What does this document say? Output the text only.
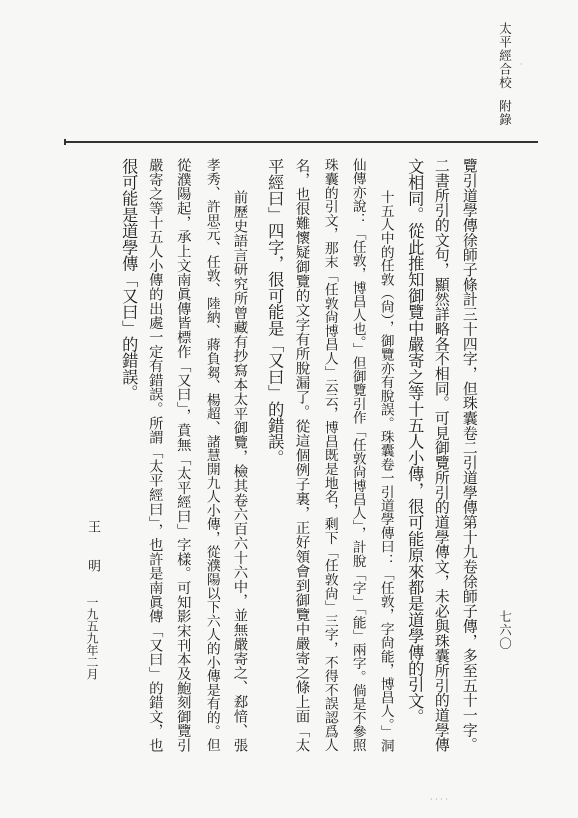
太平經合校附錄
·
七六〇
覽引道學傳徐師子條計三十四字，但珠囊卷二引道學傳第十九卷徐師子傳，多至五十一字。
二書所引的文句，顯然詳略各不相同。可見御覽所引的道學傳文，未必與珠囊所引的道學傳
文相同。從此推知御覽中嚴寄之等十五人小傳，很可能原來都是道學傳的引文。
十五人中的任敦（尙），御覽亦有脫誤。珠囊卷一引道學傳曰：「任敦，字尙能，博昌人。」洞
仙傳亦說：「任敦，博昌人也。」但御覽引作「任敦尙博昌人」，計脫「字」「能」兩字。倘是不參照
珠囊的引文，那末「任敦尙博昌人」云云，博昌既是地名，剩下「任敦尙」三字，不得不誤認爲人
名，也很難懷疑御覽的文字有所脫漏了。從這個例子裏，正好領會到御覽中嚴寄之條上面「太
平經曰」四字，很可能是「又曰」的錯誤。
前歷史語言研究所曾藏有抄寫本太平御覽，檢其卷六百六十六中，並無嚴寄之、郄愔、張
孝秀、許思元、任敦、陸納、蔣負芻、楊超、諸慧開九人小傳，從濮陽以下六人的小傳是有的。但
從濮陽起，承上文南眞傳皆標作「又曰」，賁無「太平經曰」字樣。可知影宋刊本及鮑刻御覽引
嚴寄之等十五人小傳的出處一定有錯誤。所謂「太平經曰」，也許是南眞傳「又曰」的錯文，也
很可能是道學傳「又曰」的錯誤。
王明
一九五九年二月
· · · ·
